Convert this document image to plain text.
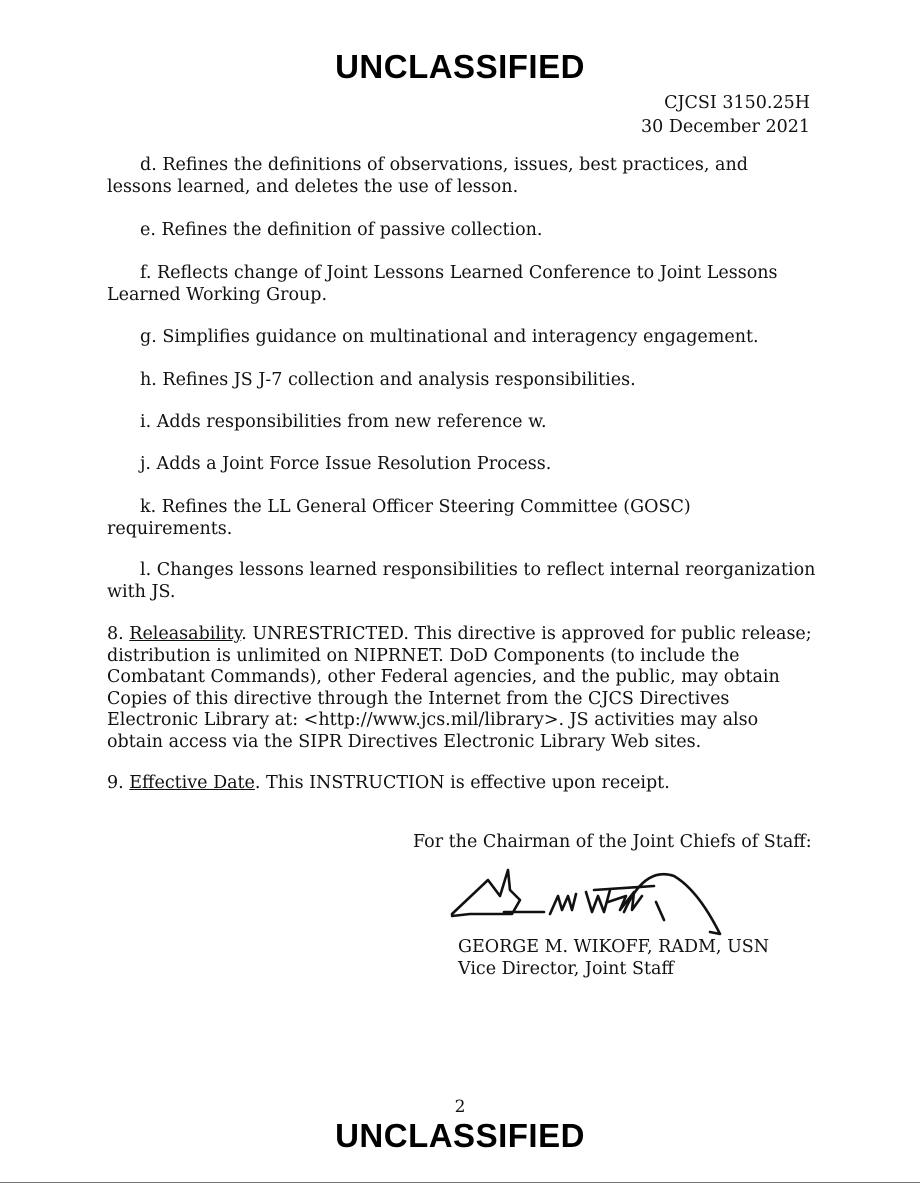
UNCLASSIFIED
CJCSI 3150.25H
30 December 2021
d. Refines the definitions of observations, issues, best practices, and lessons learned, and deletes the use of lesson.
e. Refines the definition of passive collection.
f. Reflects change of Joint Lessons Learned Conference to Joint Lessons Learned Working Group.
g. Simplifies guidance on multinational and interagency engagement.
h. Refines JS J-7 collection and analysis responsibilities.
i. Adds responsibilities from new reference w.
j. Adds a Joint Force Issue Resolution Process.
k. Refines the LL General Officer Steering Committee (GOSC) requirements.
l. Changes lessons learned responsibilities to reflect internal reorganization with JS.
8. Releasability. UNRESTRICTED. This directive is approved for public release; distribution is unlimited on NIPRNET. DoD Components (to include the Combatant Commands), other Federal agencies, and the public, may obtain Copies of this directive through the Internet from the CJCS Directives Electronic Library at: <http://www.jcs.mil/library>. JS activities may also obtain access via the SIPR Directives Electronic Library Web sites.
9. Effective Date. This INSTRUCTION is effective upon receipt.
For the Chairman of the Joint Chiefs of Staff:
GEORGE M. WIKOFF, RADM, USN
Vice Director, Joint Staff
2
UNCLASSIFIED
